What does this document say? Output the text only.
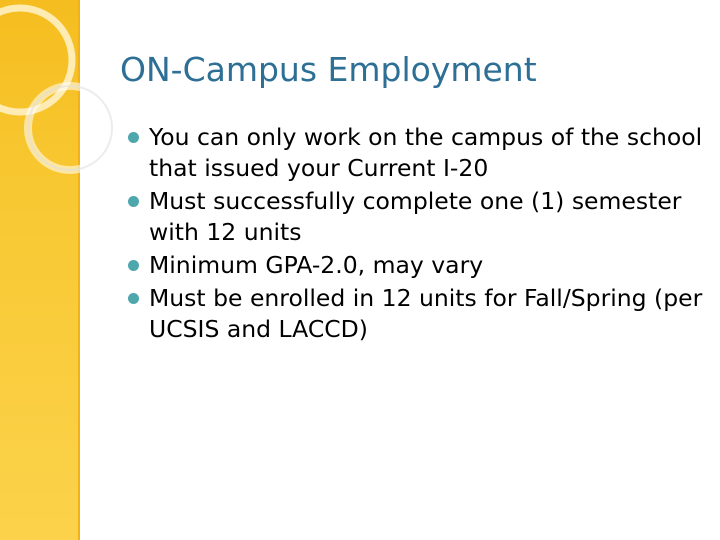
ON-Campus Employment
You can only work on the campus of the school that issued your Current I-20
Must successfully complete one (1) semester with 12 units
Minimum GPA-2.0, may vary
Must be enrolled in 12 units for Fall/Spring (per UCSIS and LACCD)
